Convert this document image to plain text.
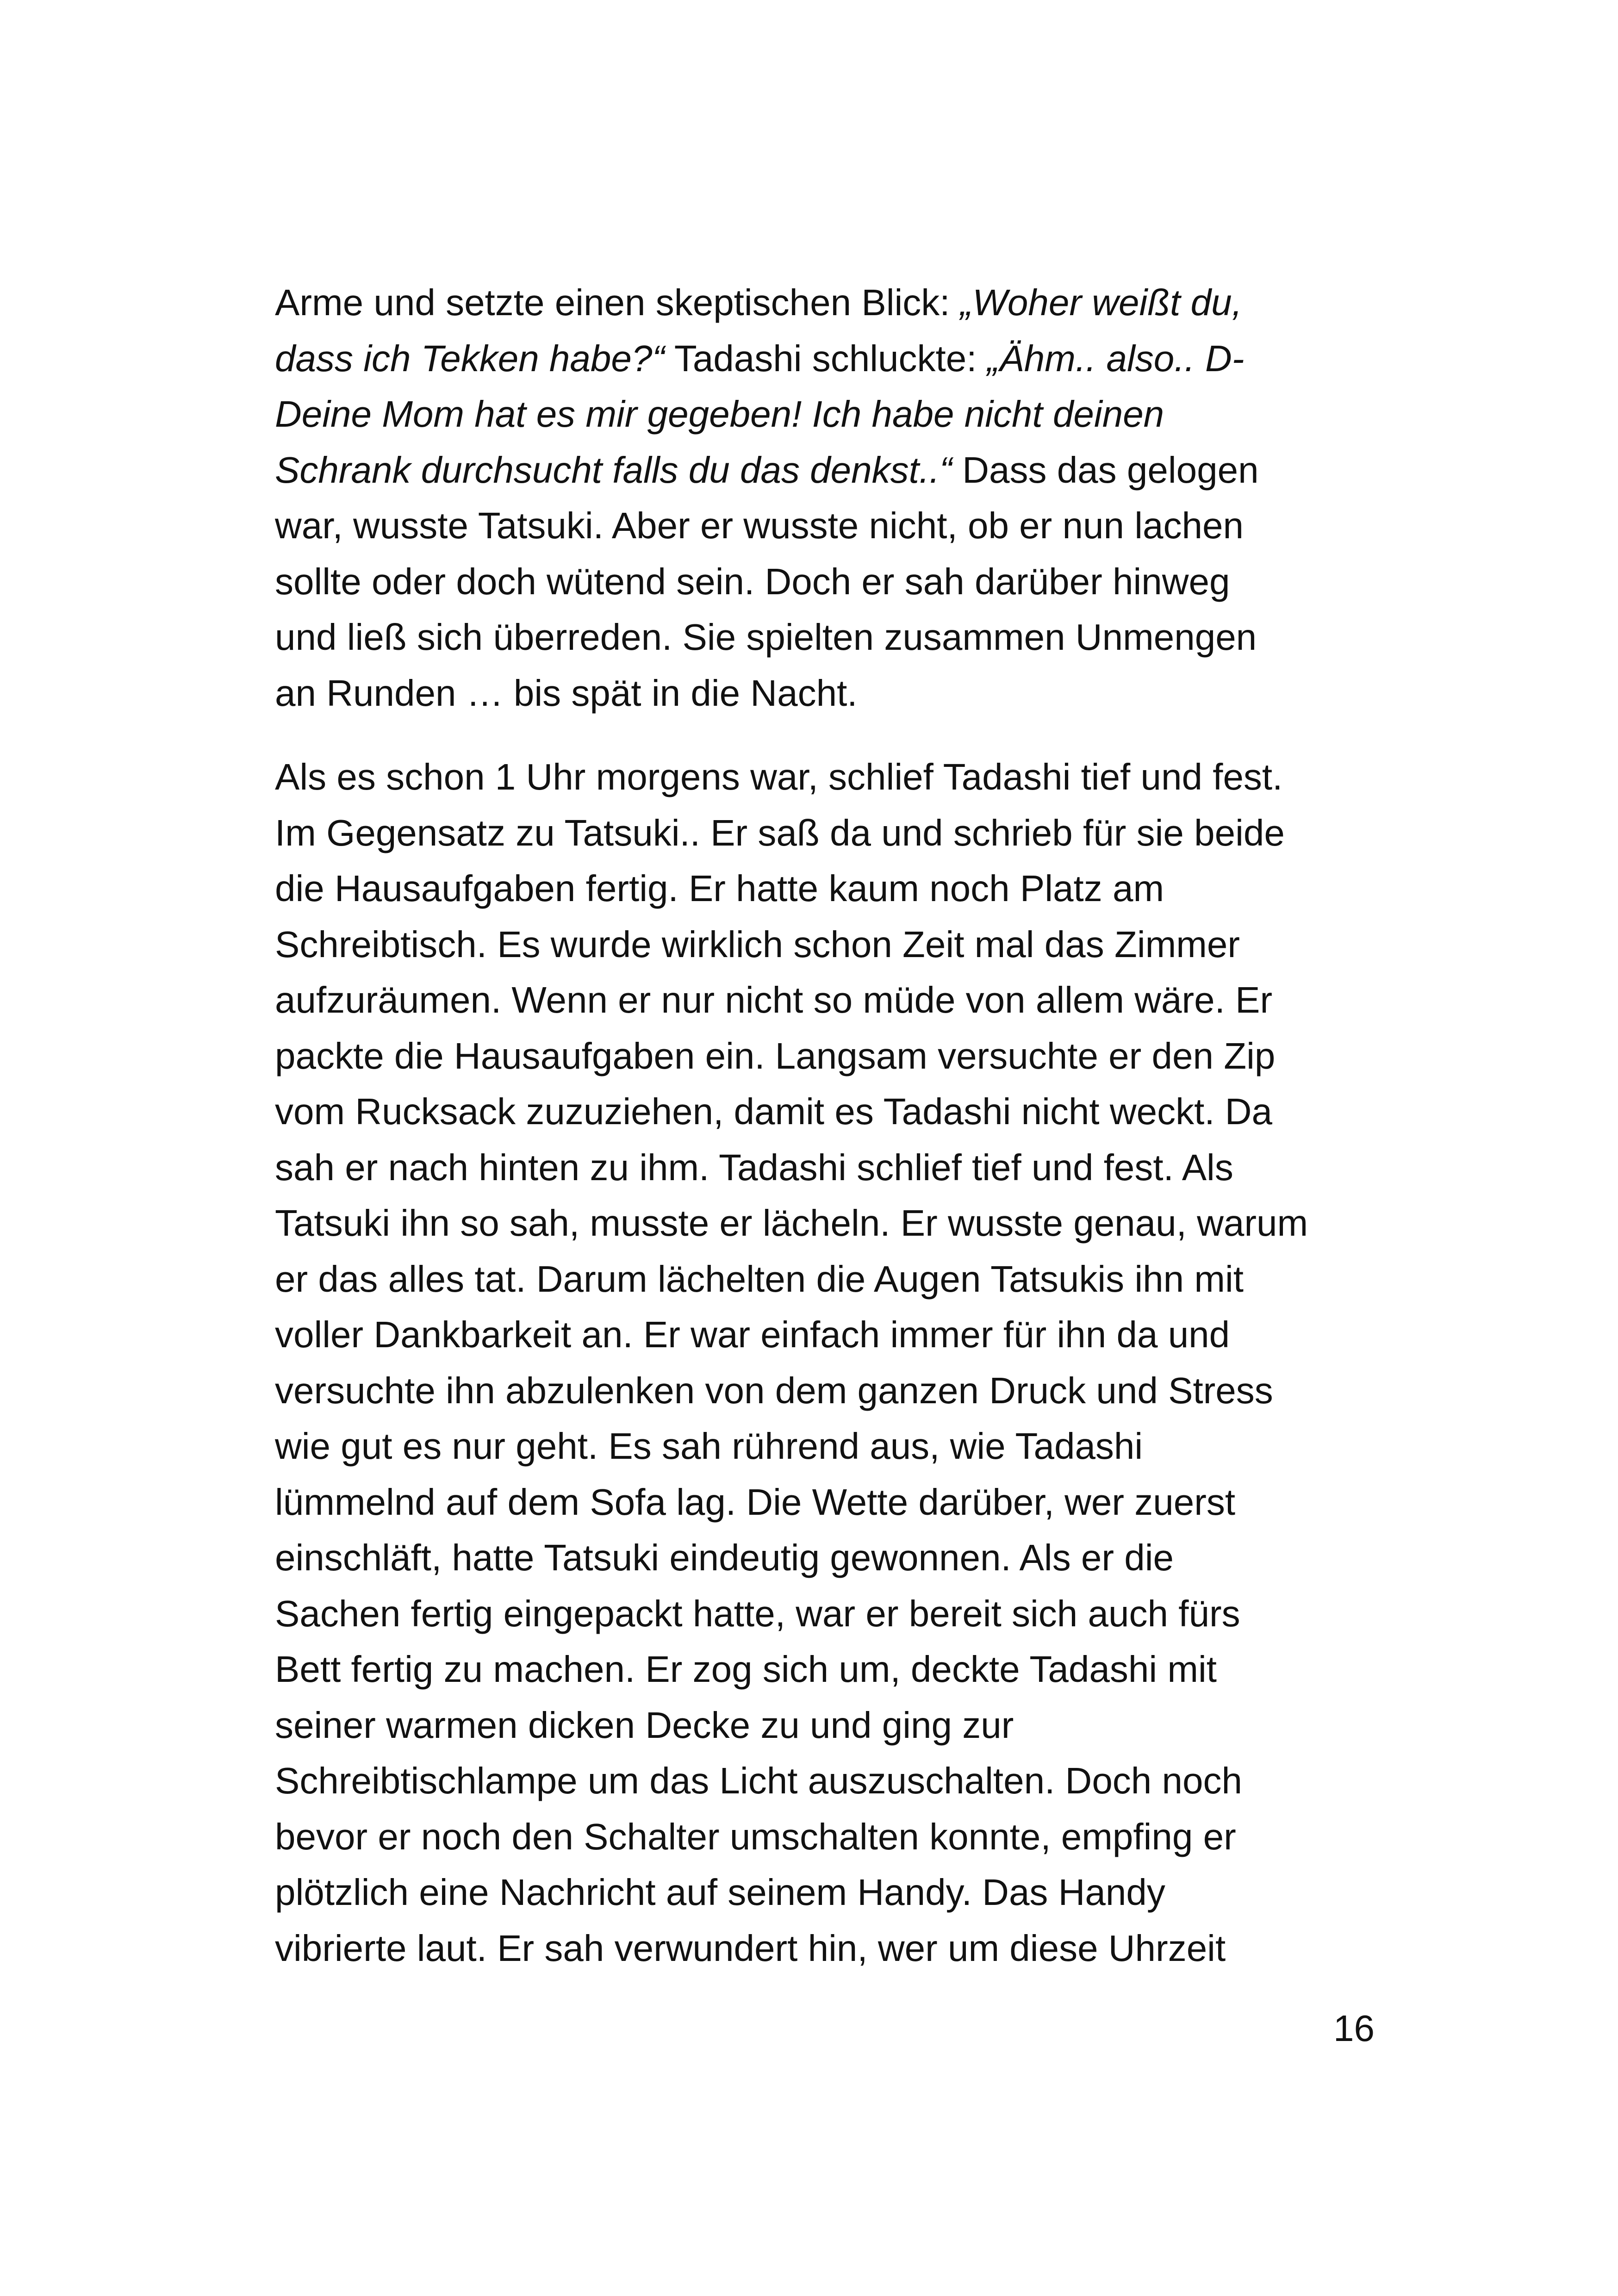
Arme und setzte einen skeptischen Blick: „Woher weißt du,
dass ich Tekken habe?“ Tadashi schluckte: „Ähm.. also.. D-
Deine Mom hat es mir gegeben! Ich habe nicht deinen
Schrank durchsucht falls du das denkst..“ Dass das gelogen
war, wusste Tatsuki. Aber er wusste nicht, ob er nun lachen
sollte oder doch wütend sein. Doch er sah darüber hinweg
und ließ sich überreden. Sie spielten zusammen Unmengen
an Runden … bis spät in die Nacht.
Als es schon 1 Uhr morgens war, schlief Tadashi tief und fest.
Im Gegensatz zu Tatsuki.. Er saß da und schrieb für sie beide
die Hausaufgaben fertig. Er hatte kaum noch Platz am
Schreibtisch. Es wurde wirklich schon Zeit mal das Zimmer
aufzuräumen. Wenn er nur nicht so müde von allem wäre. Er
packte die Hausaufgaben ein. Langsam versuchte er den Zip
vom Rucksack zuzuziehen, damit es Tadashi nicht weckt. Da
sah er nach hinten zu ihm. Tadashi schlief tief und fest. Als
Tatsuki ihn so sah, musste er lächeln. Er wusste genau, warum
er das alles tat. Darum lächelten die Augen Tatsukis ihn mit
voller Dankbarkeit an. Er war einfach immer für ihn da und
versuchte ihn abzulenken von dem ganzen Druck und Stress
wie gut es nur geht. Es sah rührend aus, wie Tadashi
lümmelnd auf dem Sofa lag. Die Wette darüber, wer zuerst
einschläft, hatte Tatsuki eindeutig gewonnen. Als er die
Sachen fertig eingepackt hatte, war er bereit sich auch fürs
Bett fertig zu machen. Er zog sich um, deckte Tadashi mit
seiner warmen dicken Decke zu und ging zur
Schreibtischlampe um das Licht auszuschalten. Doch noch
bevor er noch den Schalter umschalten konnte, empfing er
plötzlich eine Nachricht auf seinem Handy. Das Handy
vibrierte laut. Er sah verwundert hin, wer um diese Uhrzeit
16
